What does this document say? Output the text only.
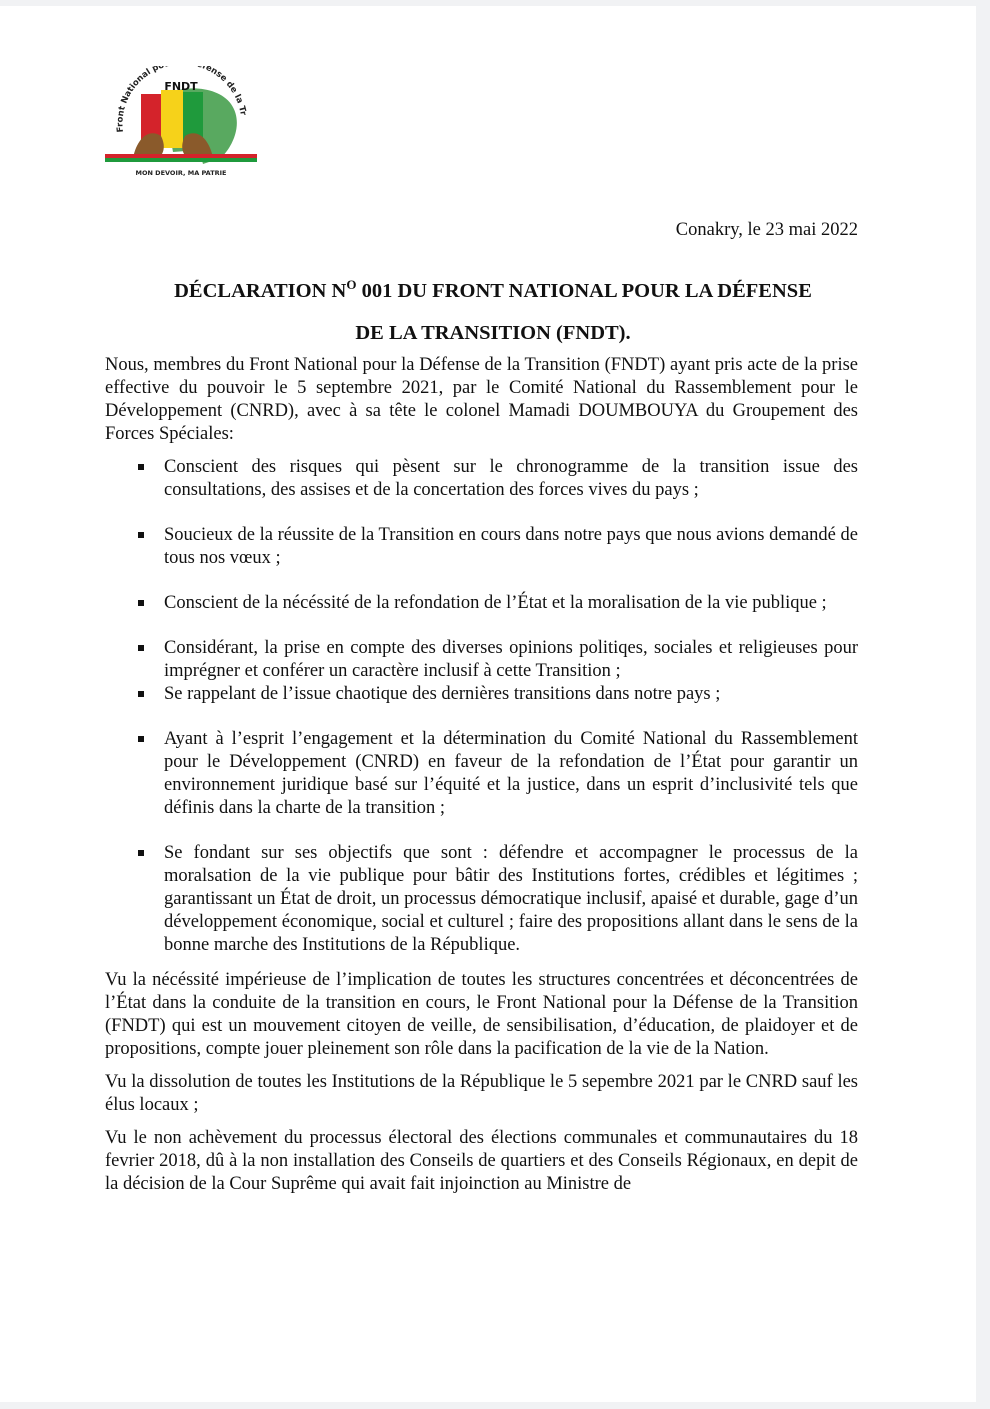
Front National po fense de la Tr
FNDT
MON DEVOIR, MA PATRIE
Conakry, le 23 mai 2022
DÉCLARATION $N^O$ 001 DU FRONT NATIONAL POUR LA DÉFENSE
DE LA TRANSITION (FNDT).

Nous, membres du Front National pour la Défense de la Transition (FNDT) ayant pris acte de la prise effective du pouvoir le 5 septembre 2021, par le Comité National du Rassemblement pour le Développement (CNRD), avec à sa tête le colonel Mamadi DOUMBOUYA du Groupement des Forces Spéciales:

Conscient des risques qui pèsent sur le chronogramme de la transition issue des consultations, des assises et de la concertation des forces vives du pays ;
Soucieux de la réussite de la Transition en cours dans notre pays que nous avions demandé de tous nos vœux ;
Conscient de la nécéssité de la refondation de l’État et la moralisation de la vie publique ;
Considérant, la prise en compte des diverses opinions politiqes, sociales et religieuses pour imprégner et conférer un caractère inclusif à cette Transition ;
Se rappelant de l’issue chaotique des dernières transitions dans notre pays ;
Ayant à l’esprit l’engagement et la détermination du Comité National du Rassemblement pour le Développement (CNRD) en faveur de la refondation de l’État pour garantir un environnement juridique basé sur l’équité et la justice, dans un esprit d’inclusivité tels que définis dans la charte de la transition ;
Se fondant sur ses objectifs que sont : défendre et accompagner le processus de la moralsation de la vie publique pour bâtir des Institutions fortes, crédibles et légitimes ; garantissant un État de droit, un processus démocratique inclusif, apaisé et durable, gage d’un développement économique, social et culturel ; faire des propositions allant dans le sens de la bonne marche des Institutions de la République.

Vu la nécéssité impérieuse de l’implication de toutes les structures concentrées et déconcentrées de l’État dans la conduite de la transition en cours, le Front National pour la Défense de la Transition (FNDT) qui est un mouvement citoyen de veille, de sensibilisation, d’éducation, de plaidoyer et de propositions, compte jouer pleinement son rôle dans la pacification de la vie de la Nation.

Vu la dissolution de toutes les Institutions de la République le 5 sepembre 2021 par le CNRD sauf les élus locaux ;

Vu le non achèvement du processus électoral des élections communales et communautaires du 18 fevrier 2018, dû à la non installation des Conseils de quartiers et des Conseils Régionaux, en depit de la décision de la Cour Suprême qui avait fait injoinction au Ministre de
